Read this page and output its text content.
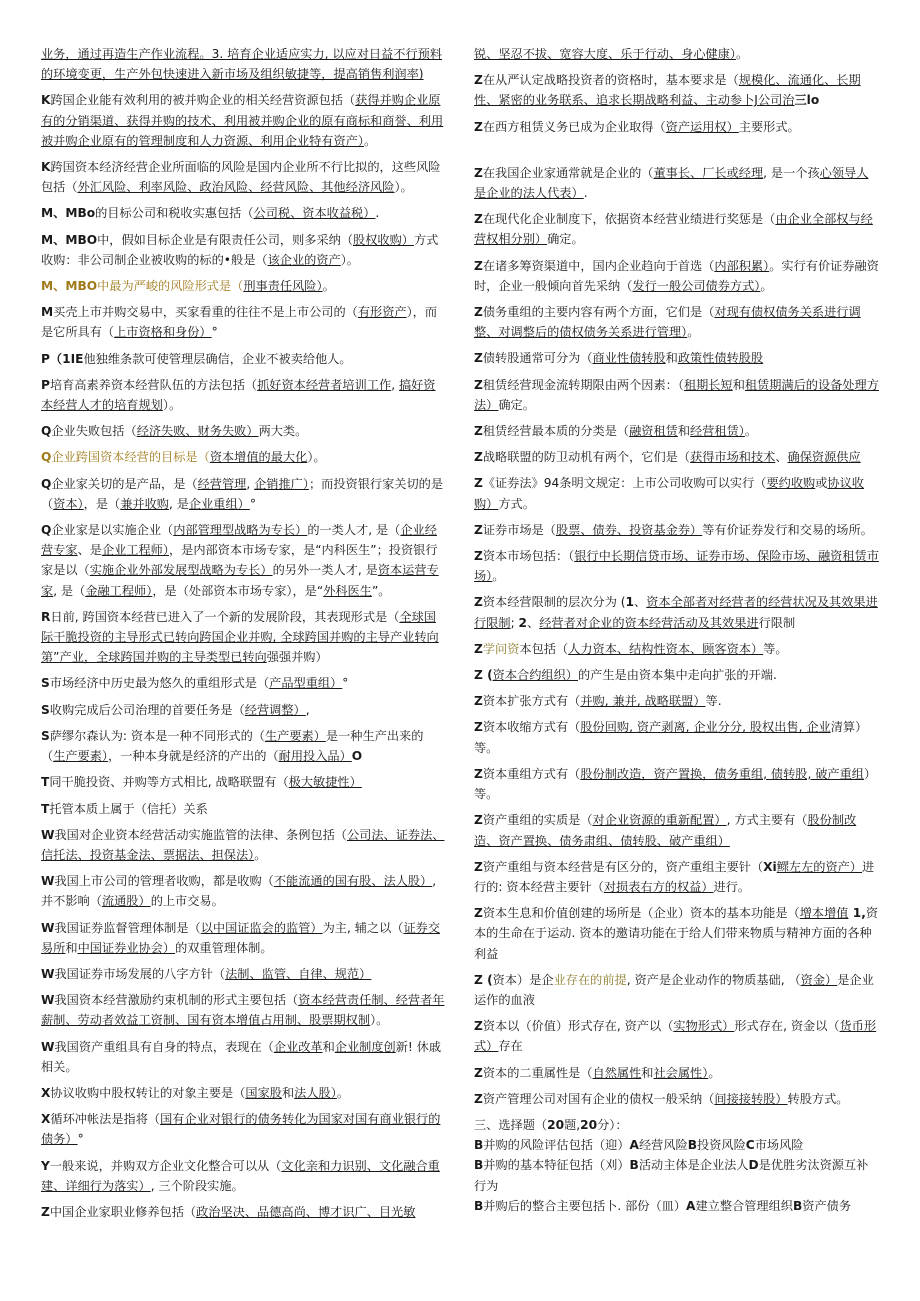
业务，通过再造生产作业流程。3. 培育企业适应实力, 以应对日益不行预料的环境变更，生产外包快速进入新市场及组织敏捷等，提高销售利润率)
K跨国企业能有效利用的被并购企业的相关经营资源包括（获得并购企业原有的分销渠道、获得并购的技术、利用被并购企业的原有商标和商誉、利用被并购企业原有的管理制度和人力资源、利用企业特有资产）。
K跨国资本经济经营企业所面临的风险是国内企业所不行比拟的，这些风险包括（外汇风险、利率风险、政治风险、经营风险、其他经济风险）。
M、MBo的目标公司和税收实惠包括（公司税、资本收益税）.
M、MBO中，假如目标企业是有限责任公司，则多采纳（股权收购）方式收购：非公司制企业被收购的标的•般是（该企业的资产）。
M、MBO中最为严峻的风险形式是（刑事责任风险）。
M买壳上市并购交易中，买家看重的往往不是上市公司的（有形资产），而是它所具有（上市资格和身份）°
P（1IE他独维条款可使管理层确信，企业不被卖给他人。
P培育高素养资本经营队伍的方法包括（抓好资本经营者培训工作, 搞好资本经营人才的培育规划）。
Q企业失败包括（经济失败、财务失败）两大类。
Q企业跨国资本经营的目标是（资本增值的最大化）。
Q企业家关切的是产品，是（经营管理, 企销推广）；而投资银行家关切的是（资本），是（兼并收购, 是企业重组）°
Q企业家是以实施企业（内部管理型战略为专长）的一类人才, 是（企业经营专家、是企业工程师），是内部资本市场专家，是“内科医生”；投资银行家是以（实施企业外部发展型战略为专长）的另外一类人才, 是资本运营专家, 是（金融工程师），是（处部资本市场专家），是“外科医生”。
R日前, 跨国资本经营已进入了一个新的发展阶段，其表现形式是（全球国际干脆投资的主导形式已转向跨国企业并购, 全球跨国并购的主导产业转向第”产业，全球跨国并购的主导类型已转向强强并购）
S市场经济中历史最为悠久的重组形式是（产品型重组）°
S收购完成后公司治理的首要任务是（经营调整）,
S萨缪尔森认为: 资本是一种不同形式的（生产要素）是一种生产出来的（生产要素），一种本身就是经济的产出的（耐用投入品）O
T同干脆投资、并购等方式相比, 战略联盟有（极大敏捷性）
T托管本质上属于（信托）关系
W我国对企业资本经营活动实施监管的法律、条例包括（公司法、证券法、信托法、投资基金法、票据法、担保法）。
W我国上市公司的管理者收购，都是收购（不能流通的国有股、法人股）, 并不影响（流通股）的上市交易。
W我国证券监督管理体制是（以中国证监会的监管）为主, 辅之以（证券交易所和中国证券业协会）的双重管理体制。
W我国证券市场发展的八字方针（法制、监管、自律、规范）
W我国资本经营激励约束机制的形式主要包括（资本经营责任制、经营者年薪制、劳动者效益工资制、国有资本增值占用制、股票期权制）。
W我国资产重组具有自身的特点，表现在（企业改革和企业制度创新! 休戚相关。
X协议收购中股权转让的对象主要是（国家股和法人股）。
X循环冲帐法是指将（国有企业对银行的债务转化为国家对国有商业银行的债务）°
Y一般来说，并购双方企业文化整合可以从（文化亲和力识别、文化融合重建、详细行为落实）, 三个阶段实施。
Z中国企业家职业修养包括（政治坚决、品德高尚、博才识广、目光敏
锐、坚忍不拔、宽容大度、乐于行动、身心健康）。
Z在从严认定战略投资者的资格时，基本要求是（规模化、流通化、长期性、紧密的业务联系、追求长期战略利益、主动参卜J公司治三lo
Z在西方租赁义务已成为企业取得（资产运用权）主要形式。
Z在我国企业家通常就是企业的（董事长、厂长或经理, 是一个孩心领导人是企业的法人代表）.
Z在现代化企业制度下，依据资本经营业绩进行奖惩是（由企业全部权与经营权相分别）确定。
Z在诸多筹资渠道中，国内企业趋向于首选（内部积累）。实行有价证券融资时，企业一般倾向首先采纳（发行一般公司债券方式）。
Z债务重组的主要内容有两个方面，它们是（对现有债权债务关系进行调整、对调整后的债权债务关系进行管理）。
Z债转股通常可分为（商业性债转股和政策性债转股股
Z租赁经营现金流转期限由两个因素：（租期长短和租赁期满后的设备处理方法）确定。
Z租赁经营最本质的分类是（融资租赁和经营租赁）。
Z战略联盟的防卫动机有两个，它们是（获得市场和技术、确保资源供应
Z《证券法》94条明文规定：上市公司收购可以实行（要约收购或协议收购）方式。
Z证券市场是（股票、债券、投资基金券）等有价证券发行和交易的场所。
Z资本市场包括：（银行中长期信贷市场、证券市场、保险市场、融资租赁市场）。
Z资本经营限制的层次分为 (1、资本全部者对经营者的经营状况及其效果进行限制; 2、经营者对企业的资本经营活动及其效果进行限制
Z学问资本包括（人力资本、结构性资本、顾客资本）等。
Z (资本合约组织）的产生是由资本集中走向扩张的开端.
Z资本扩张方式有（并购, 兼并, 战略联盟）等.
Z资本收缩方式有（股份回购, 资产剥离, 企业分分, 股权出售, 企业清算）等。
Z资本重组方式有（股份制改造，资产置换，债务重组, 债转股, 破产重组）等。
Z资产重组的实质是（对企业资源的重新配置）, 方式主要有（股份制改造、资产置换、债务肃组、债转股、破产重组）
Z资产重组与资本经营是有区分的，资产重组主要针（Xi鳏左左的资产）进行的: 资本经营主要针（对损表右方的权益）进行。
Z资本生息和价值创建的场所是（企业）资本的基本功能是（增本增值 1,资本的生命在于运动. 资本的邀请功能在于给人们带来物质与精神方面的各种利益
Z (资本）是企业存在的前提, 资产是企业动作的物质基础, （资金）是企业运作的血液
Z资本以（价值）形式存在, 资产以（实物形式）形式存在, 资金以（货币形式）存在
Z资本的二重属性是（自然属性和社会属性）。
Z资产管理公司对国有企业的债权一般采纳（间接接转股）转股方式。
三、选择题（20题,20分）：
B并购的风险评估包括（迎）A经营风险B投资风险C市场风险
B并购的基本特征包括（刈）B活动主体是企业法人D是优胜劣汰资源互补行为
B并购后的整合主要包括卜. 部份（皿）A建立整合管理组织B资产债务
